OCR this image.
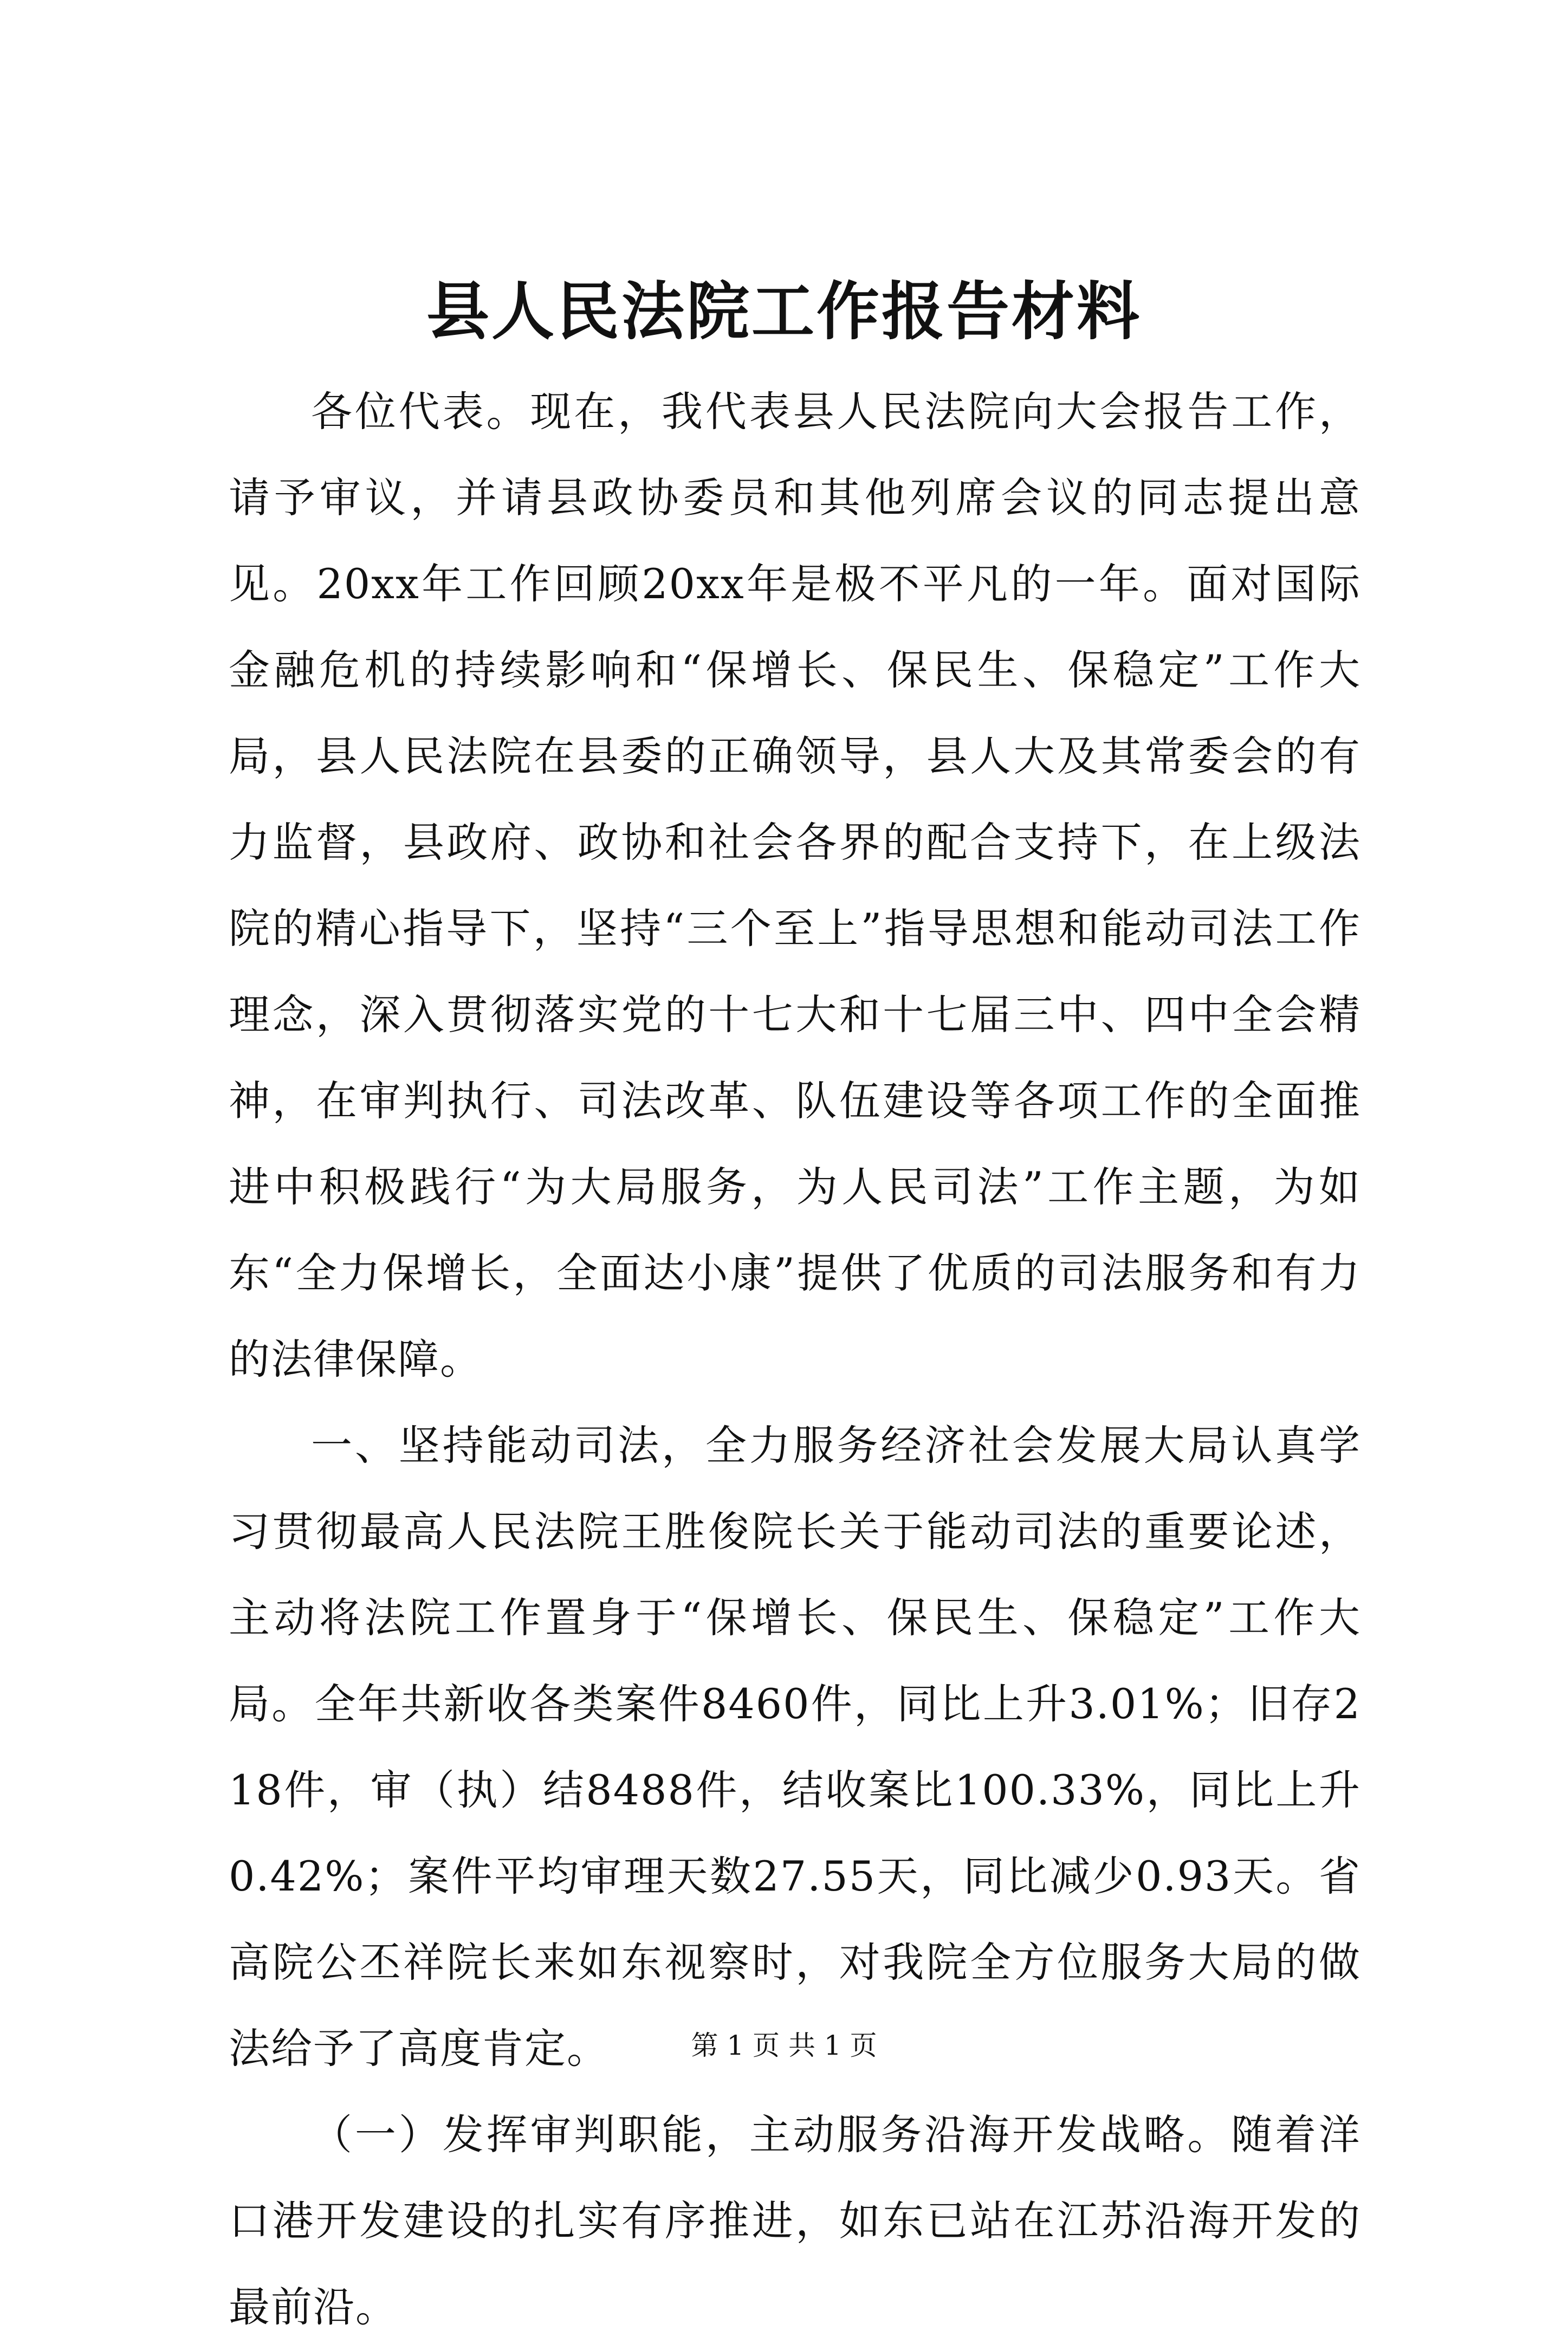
县人民法院工作报告材料

各位代表。现在，我代表县人民法院向大会报告工作，请予审议，并请县政协委员和其他列席会议的同志提出意见。20xx年工作回顾20xx年是极不平凡的一年。面对国际金融危机的持续影响和“保增长、保民生、保稳定”工作大局，县人民法院在县委的正确领导，县人大及其常委会的有力监督，县政府、政协和社会各界的配合支持下，在上级法院的精心指导下，坚持“三个至上”指导思想和能动司法工作理念，深入贯彻落实党的十七大和十七届三中、四中全会精神，在审判执行、司法改革、队伍建设等各项工作的全面推进中积极践行“为大局服务，为人民司法”工作主题，为如东“全力保增长，全面达小康”提供了优质的司法服务和有力的法律保障。

一、坚持能动司法，全力服务经济社会发展大局认真学习贯彻最高人民法院王胜俊院长关于能动司法的重要论述，主动将法院工作置身于“保增长、保民生、保稳定”工作大局。全年共新收各类案件8460件，同比上升3.01%；旧存218件，审（执）结8488件，结收案比100.33%，同比上升0.42%；案件平均审理天数27.55天，同比减少0.93天。省高院公丕祥院长来如东视察时，对我院全方位服务大局的做法给予了高度肯定。

（一）发挥审判职能，主动服务沿海开发战略。随着洋口港开发建设的扎实有序推进，如东已站在江苏沿海开发的最前沿。

第 1 页 共 1 页
